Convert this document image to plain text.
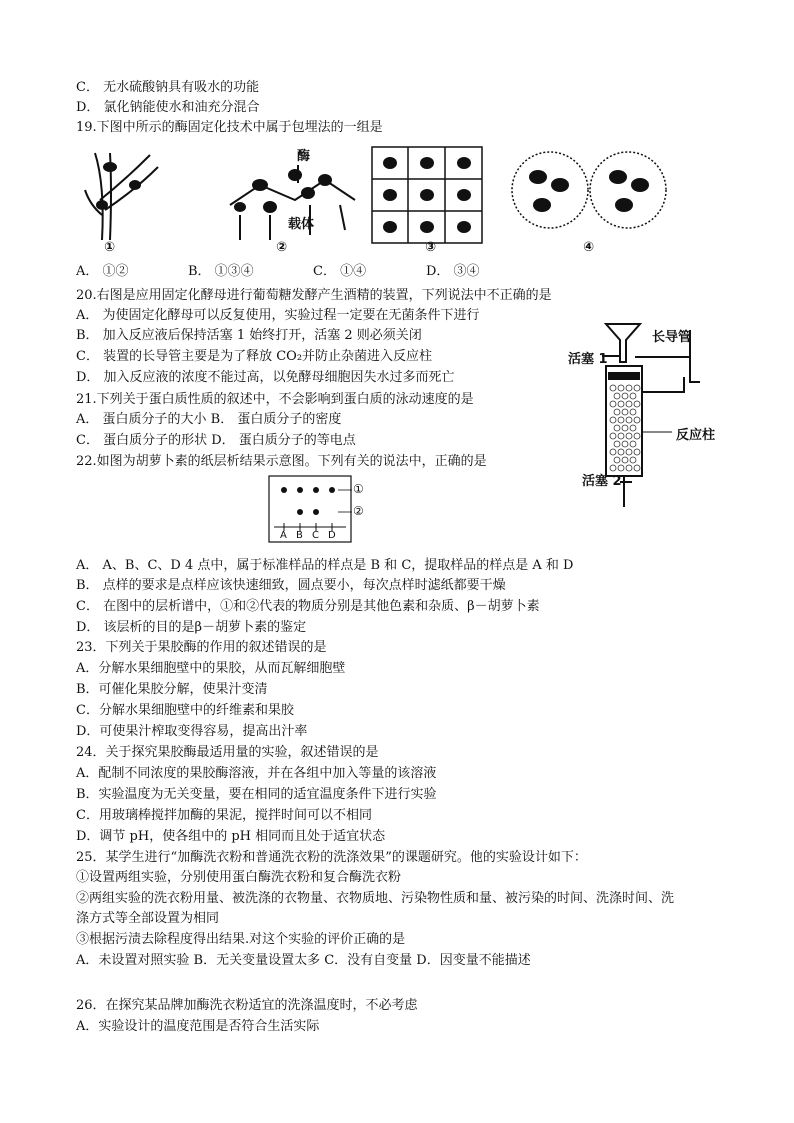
C． 无水硫酸钠具有吸水的功能
D． 氯化钠能使水和油充分混合
19.下图中所示的酶固定化技术中属于包埋法的一组是
酶
载体
①	②	③	④
A． ①②	B． ①③④	C． ①④	D． ③④
20.右图是应用固定化酵母进行葡萄糖发酵产生酒精的装置，下列说法中不正确的是
A． 为使固定化酵母可以反复使用，实验过程一定要在无菌条件下进行
B． 加入反应液后保持活塞 1 始终打开，活塞 2 则必须关闭
C． 装置的长导管主要是为了释放 CO₂并防止杂菌进入反应柱
D． 加入反应液的浓度不能过高，以免酵母细胞因失水过多而死亡
长导管
活塞 1
反应柱
活塞 2
21.下列关于蛋白质性质的叙述中，不会影响到蛋白质的泳动速度的是
A． 蛋白质分子的大小 B． 蛋白质分子的密度
C． 蛋白质分子的形状 D． 蛋白质分子的等电点
22.如图为胡萝卜素的纸层析结果示意图。下列有关的说法中，正确的是
①
②
A B C D
A． A、B、C、D 4 点中，属于标准样品的样点是 B 和 C，提取样品的样点是 A 和 D
B． 点样的要求是点样应该快速细致，圆点要小，每次点样时滤纸都要干燥
C． 在图中的层析谱中，①和②代表的物质分别是其他色素和杂质、β－胡萝卜素
D． 该层析的目的是β－胡萝卜素的鉴定
23．下列关于果胶酶的作用的叙述错误的是
A．分解水果细胞壁中的果胶，从而瓦解细胞壁
B．可催化果胶分解，使果汁变清
C．分解水果细胞壁中的纤维素和果胶
D．可使果汁榨取变得容易，提高出汁率
24．关于探究果胶酶最适用量的实验，叙述错误的是
A．配制不同浓度的果胶酶溶液，并在各组中加入等量的该溶液
B．实验温度为无关变量，要在相同的适宜温度条件下进行实验
C．用玻璃棒搅拌加酶的果泥，搅拌时间可以不相同
D．调节 pH，使各组中的 pH 相同而且处于适宜状态
25．某学生进行“加酶洗衣粉和普通洗衣粉的洗涤效果”的课题研究。他的实验设计如下：
①设置两组实验，分别使用蛋白酶洗衣粉和复合酶洗衣粉
②两组实验的洗衣粉用量、被洗涤的衣物量、衣物质地、污染物性质和量、被污染的时间、洗涤时间、洗
涤方式等全部设置为相同
③根据污渍去除程度得出结果.对这个实验的评价正确的是
A．未设置对照实验 B．无关变量设置太多 C．没有自变量 D．因变量不能描述
26．在探究某品牌加酶洗衣粉适宜的洗涤温度时，不必考虑
A．实验设计的温度范围是否符合生活实际
